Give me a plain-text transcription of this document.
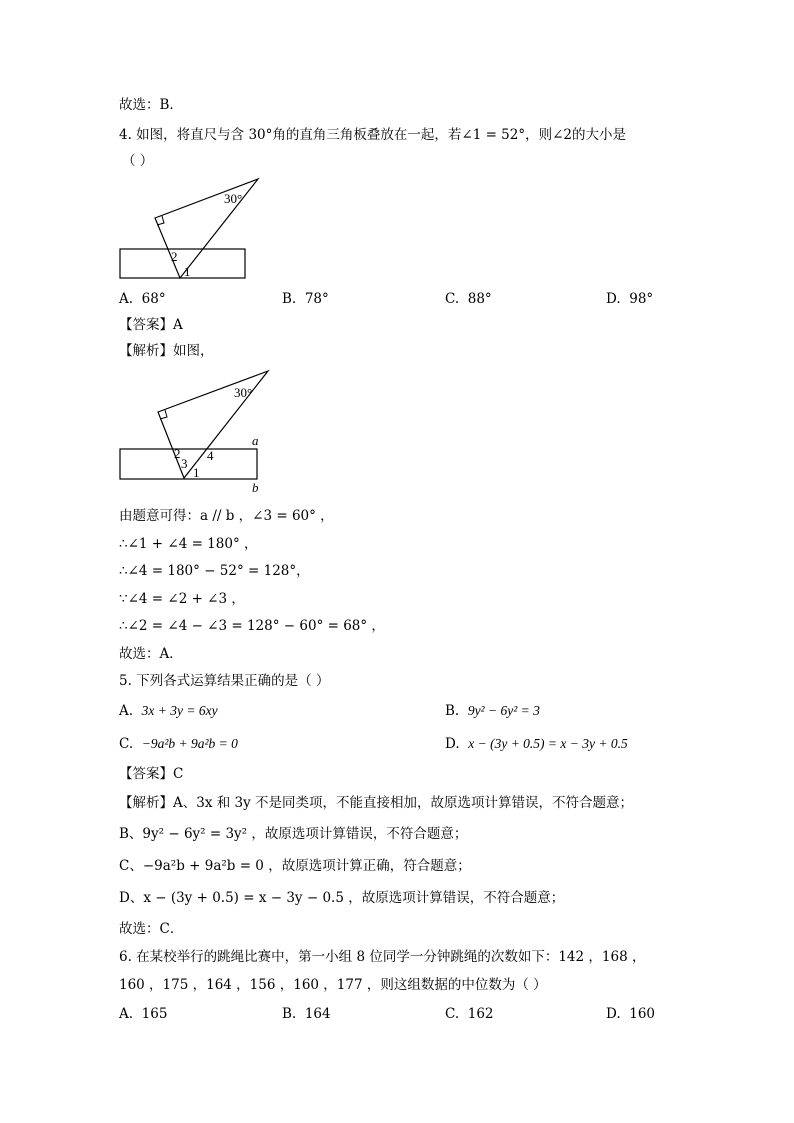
故选：B．
4. 如图，将直尺与含 30°角的直角三角板叠放在一起，若∠1 = 52°，则∠2的大小是
（ ）
30°
2
1
A. 68°	B. 78°	C. 88°	D. 98°
【答案】A
【解析】如图，
30°
2
3
4
1
a
b
由题意可得：a // b ，∠3 = 60° ，
∴∠1 + ∠4 = 180° ，
∴∠4 = 180° − 52° = 128°，
∵∠4 = ∠2 + ∠3 ，
∴∠2 = ∠4 − ∠3 = 128° − 60° = 68° ，
故选：A．
5. 下列各式运算结果正确的是（ ）
A. 3x + 3y = 6xy	B. 9y² − 6y² = 3
C. −9a²b + 9a²b = 0	D. x − (3y + 0.5) = x − 3y + 0.5
【答案】C
【解析】A、3x 和 3y 不是同类项，不能直接相加，故原选项计算错误，不符合题意；
B、9y² − 6y² = 3y² ，故原选项计算错误，不符合题意；
C、−9a²b + 9a²b = 0 ，故原选项计算正确，符合题意；
D、x − (3y + 0.5) = x − 3y − 0.5 ，故原选项计算错误，不符合题意；
故选：C．
6. 在某校举行的跳绳比赛中，第一小组 8 位同学一分钟跳绳的次数如下：142 ，168 ，
160 ，175 ，164 ，156 ，160 ，177 ，则这组数据的中位数为（ ）
A. 165	B. 164	C. 162	D. 160
